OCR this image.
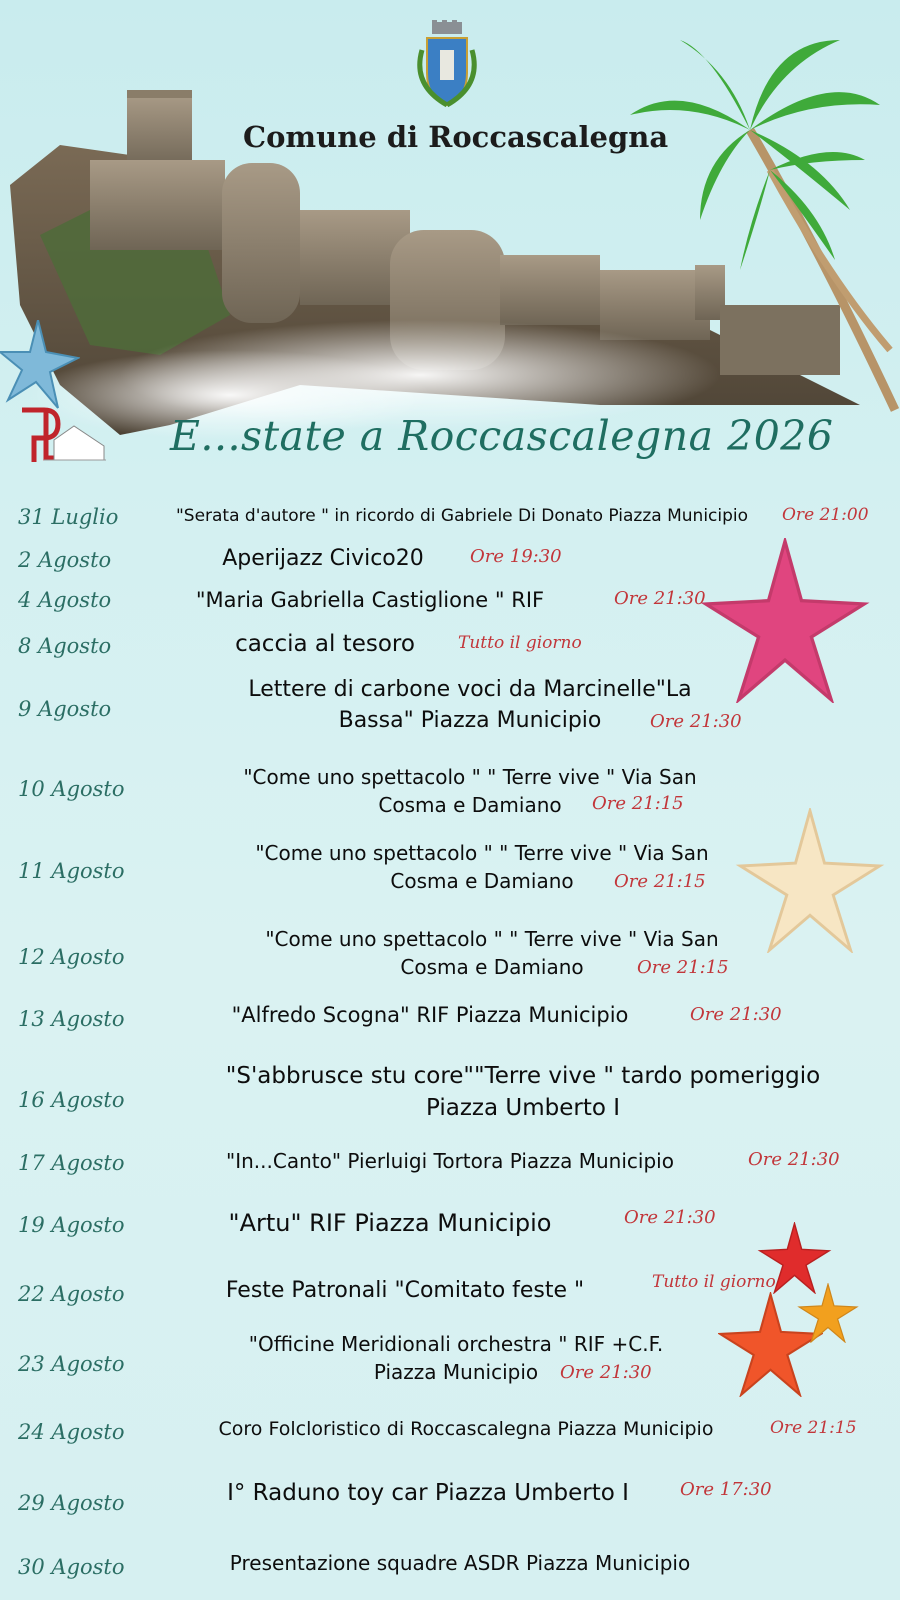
Comune di Roccascalegna
E...state a Roccascalegna 2026
31 Luglio	"Serata d'autore " in ricordo di Gabriele Di Donato Piazza Municipio	Ore 21:00
2 Agosto	Aperijazz Civico20	Ore 19:30
4 Agosto	"Maria Gabriella Castiglione " RIF	Ore 21:30
8 Agosto	caccia al tesoro	Tutto il giorno
9 Agosto
Lettere di carbone voci da Marcinelle"La
Bassa" Piazza Municipio	Ore 21:30
10 Agosto	"Come uno spettacolo " " Terre vive " Via San
Cosma e Damiano	Ore 21:15
11 Agosto
"Come uno spettacolo " " Terre vive " Via San
Cosma e Damiano	Ore 21:15
12 Agosto
"Come uno spettacolo " " Terre vive " Via San
Cosma e Damiano	Ore 21:15
13 Agosto	"Alfredo Scogna" RIF Piazza Municipio	Ore 21:30
16 Agosto
"S'abbrusce stu core""Terre vive " tardo pomeriggio
Piazza Umberto I
17 Agosto	"In...Canto" Pierluigi Tortora Piazza Municipio	Ore 21:30
19 Agosto	"Artu" RIF Piazza Municipio	Ore 21:30
22 Agosto	Feste Patronali "Comitato feste "	Tutto il giorno
23 Agosto
"Officine Meridionali orchestra " RIF +C.F.
Piazza Municipio	Ore 21:30
24 Agosto	Coro Folcloristico di Roccascalegna Piazza Municipio	Ore 21:15
29 Agosto	I° Raduno toy car Piazza Umberto I	Ore 17:30
30 Agosto	Presentazione squadre ASDR Piazza Municipio
